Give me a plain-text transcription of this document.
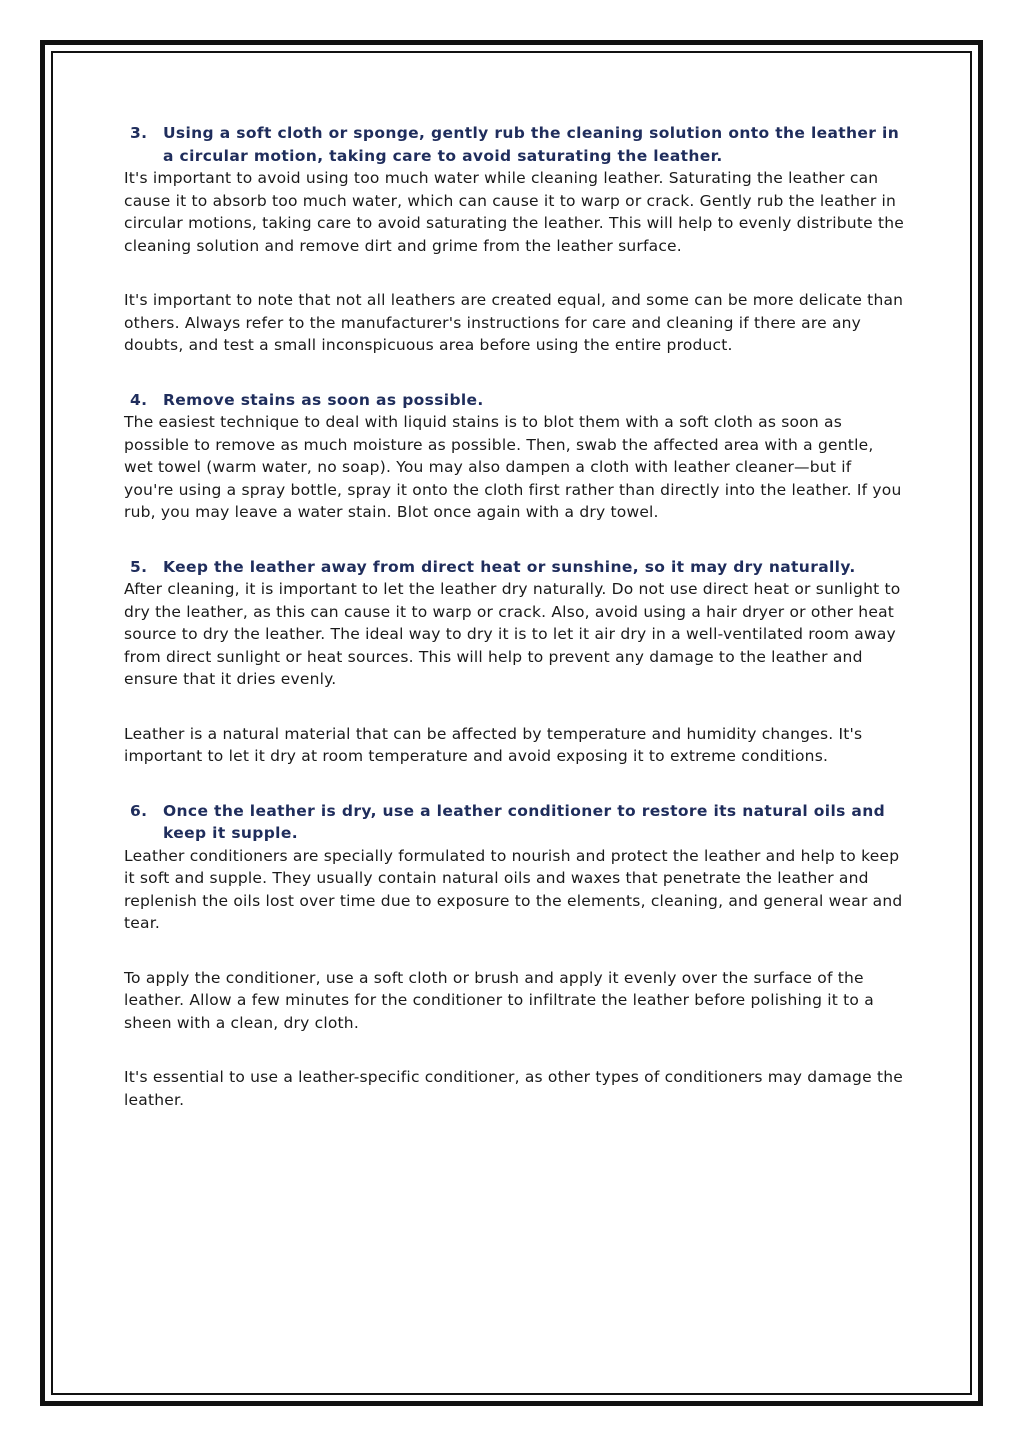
3.	Using a soft cloth or sponge, gently rub the cleaning solution onto the leather in a circular motion, taking care to avoid saturating the leather.

It's important to avoid using too much water while cleaning leather. Saturating the leather can cause it to absorb too much water, which can cause it to warp or crack. Gently rub the leather in circular motions, taking care to avoid saturating the leather. This will help to evenly distribute the cleaning solution and remove dirt and grime from the leather surface.

It's important to note that not all leathers are created equal, and some can be more delicate than others. Always refer to the manufacturer's instructions for care and cleaning if there are any doubts, and test a small inconspicuous area before using the entire product.

4.	Remove stains as soon as possible.

The easiest technique to deal with liquid stains is to blot them with a soft cloth as soon as possible to remove as much moisture as possible. Then, swab the affected area with a gentle, wet towel (warm water, no soap). You may also dampen a cloth with leather cleaner—but if you're using a spray bottle, spray it onto the cloth first rather than directly into the leather. If you rub, you may leave a water stain. Blot once again with a dry towel.

5.	Keep the leather away from direct heat or sunshine, so it may dry naturally.

After cleaning, it is important to let the leather dry naturally. Do not use direct heat or sunlight to dry the leather, as this can cause it to warp or crack. Also, avoid using a hair dryer or other heat source to dry the leather. The ideal way to dry it is to let it air dry in a well-ventilated room away from direct sunlight or heat sources. This will help to prevent any damage to the leather and ensure that it dries evenly.

Leather is a natural material that can be affected by temperature and humidity changes. It's important to let it dry at room temperature and avoid exposing it to extreme conditions.

6.	Once the leather is dry, use a leather conditioner to restore its natural oils and keep it supple.

Leather conditioners are specially formulated to nourish and protect the leather and help to keep it soft and supple. They usually contain natural oils and waxes that penetrate the leather and replenish the oils lost over time due to exposure to the elements, cleaning, and general wear and tear.

To apply the conditioner, use a soft cloth or brush and apply it evenly over the surface of the leather. Allow a few minutes for the conditioner to infiltrate the leather before polishing it to a sheen with a clean, dry cloth.

It's essential to use a leather-specific conditioner, as other types of conditioners may damage the leather.
